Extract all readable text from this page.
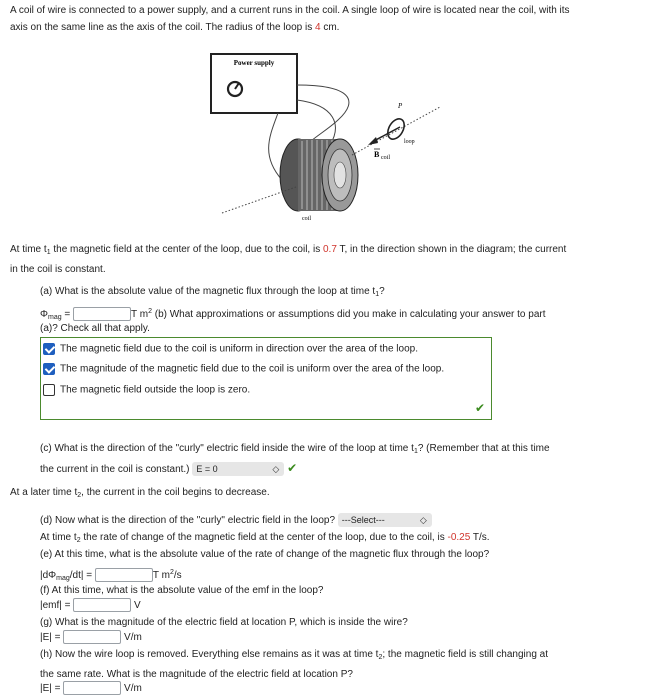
A coil of wire is connected to a power supply, and a current runs in the coil. A single loop of wire is located near the coil, with its
axis on the same line as the axis of the coil. The radius of the loop is 4 cm.
Power supply
P
loop
B coil
coil
At time $t_1$ the magnetic field at the center of the loop, due to the coil, is 0.7 T, in the direction shown in the diagram; the current
in the coil is constant.
(a) What is the absolute value of the magnetic flux through the loop at time $t_1$?
$\Phi_{mag}$ =	T $m^2$ (b) What approximations or assumptions did you make in calculating your answer to part
(a)? Check all that apply.
The magnetic field due to the coil is uniform in direction over the area of the loop.
The magnitude of the magnetic field due to the coil is uniform over the area of the loop.
The magnetic field outside the loop is zero.
✔
(c) What is the direction of the "curly" electric field inside the wire of the loop at time $t_1$? (Remember that at this time
the current in the coil is constant.) E = 0	◇ ✔
At a later time $t_2$, the current in the coil begins to decrease.
(d) Now what is the direction of the "curly" electric field in the loop? ---Select---	◇
At time $t_2$ the rate of change of the magnetic field at the center of the loop, due to the coil, is -0.25 T/s.
(e) At this time, what is the absolute value of the rate of change of the magnetic flux through the loop?
$|d\Phi_{mag}/dt|$ =	T $m^2/s$
(f) At this time, what is the absolute value of the emf in the loop?
|emf| =	V
(g) What is the magnitude of the electric field at location P, which is inside the wire?
|E| =	V/m
(h) Now the wire loop is removed. Everything else remains as it was at time $t_2$; the magnetic field is still changing at
the same rate. What is the magnitude of the electric field at location P?
|E| =	V/m
